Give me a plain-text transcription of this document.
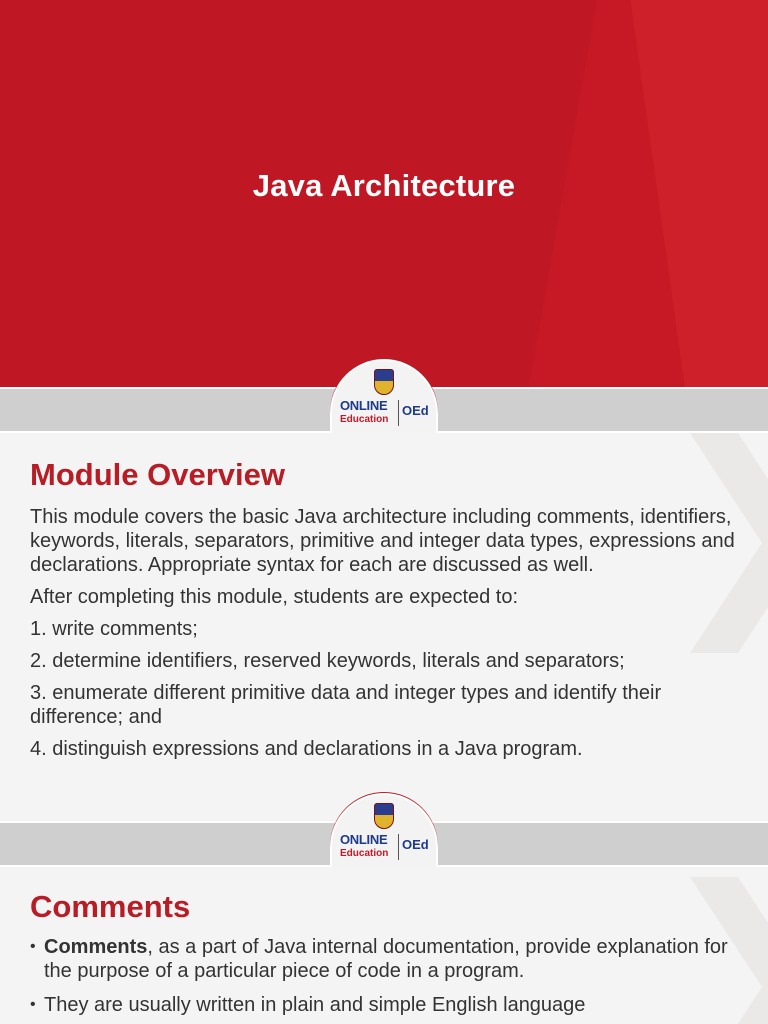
Java Architecture
ONLINE
Education
OEd
Module Overview

This module covers the basic Java architecture including comments, identifiers, keywords, literals, separators, primitive and integer data types, expressions and declarations. Appropriate syntax for each are discussed as well.

After completing this module, students are expected to:

1. write comments;

2. determine identifiers, reserved keywords, literals and separators;

3. enumerate different primitive data and integer types and identify their difference; and

4. distinguish expressions and declarations in a Java program.

ONLINE
Education
OEd
Comments
• Comments, as a part of Java internal documentation, provide explanation for the purpose of a particular piece of code in a program.
• They are usually written in plain and simple English language
